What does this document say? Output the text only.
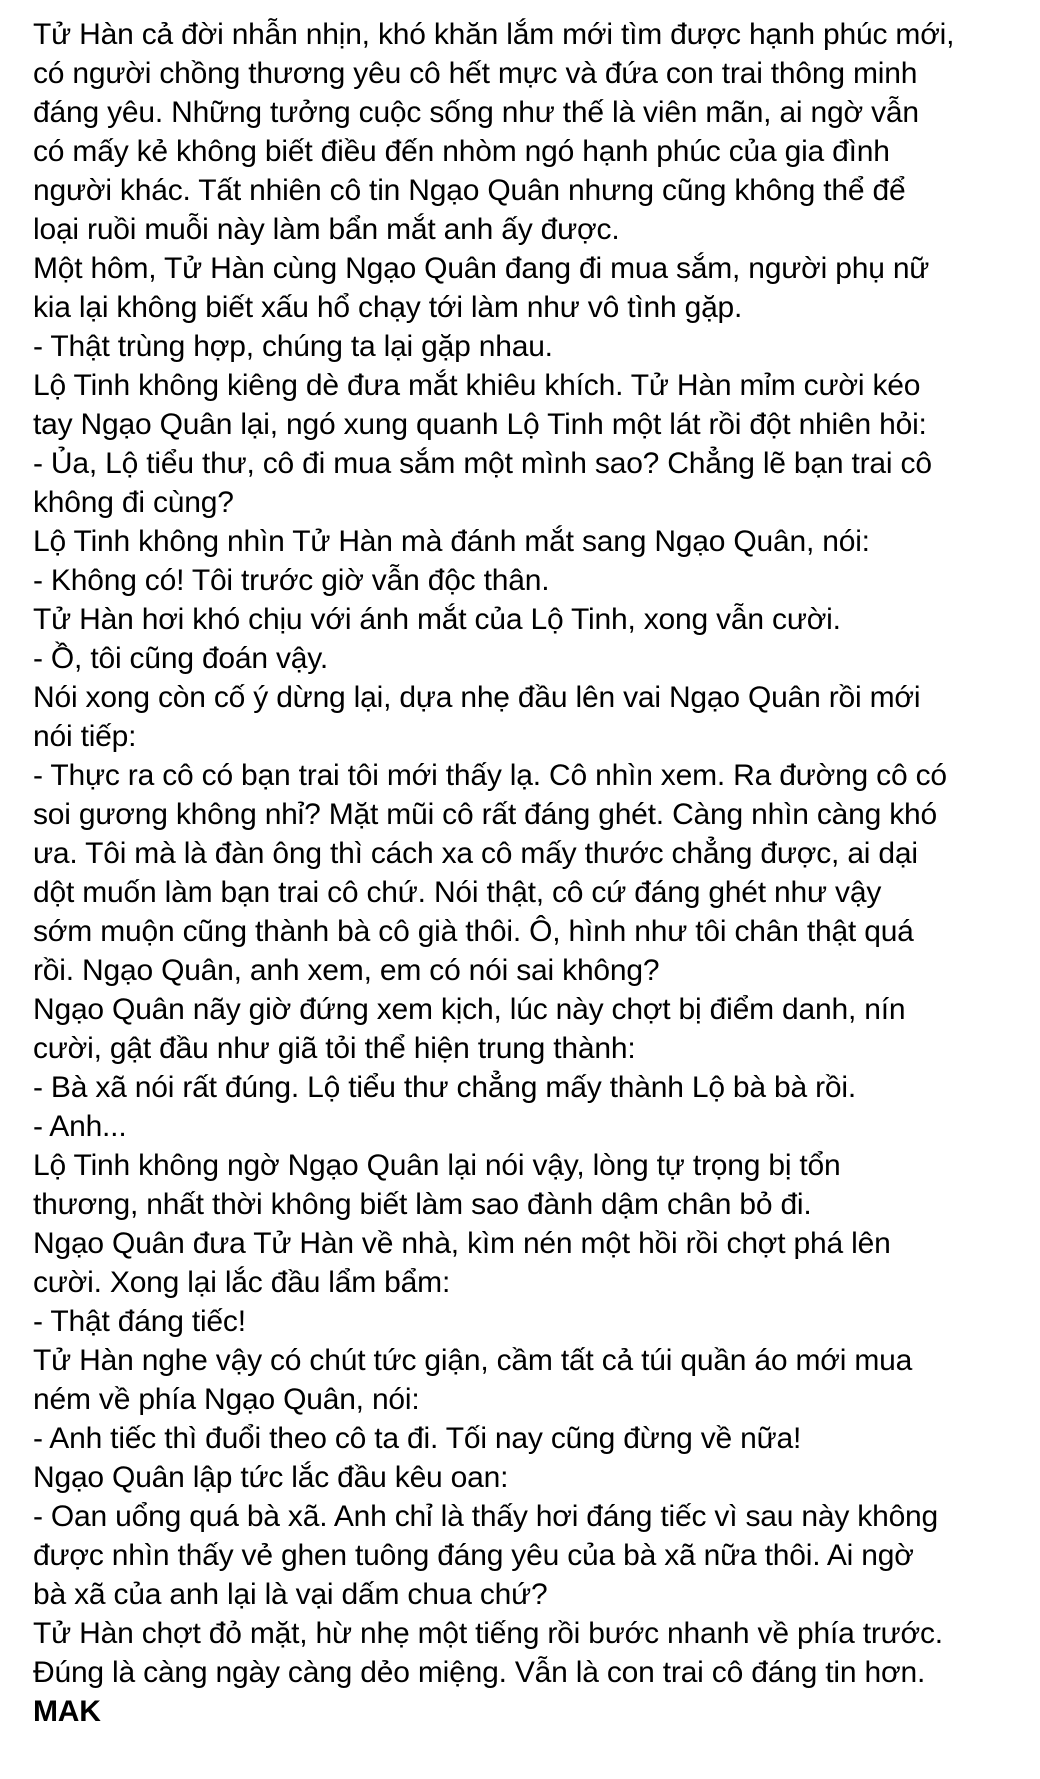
Tử Hàn cả đời nhẫn nhịn, khó khăn lắm mới tìm được hạnh phúc mới,
có người chồng thương yêu cô hết mực và đứa con trai thông minh
đáng yêu. Những tưởng cuộc sống như thế là viên mãn, ai ngờ vẫn
có mấy kẻ không biết điều đến nhòm ngó hạnh phúc của gia đình
người khác. Tất nhiên cô tin Ngạo Quân nhưng cũng không thể để
loại ruồi muỗi này làm bẩn mắt anh ấy được.
Một hôm, Tử Hàn cùng Ngạo Quân đang đi mua sắm, người phụ nữ
kia lại không biết xấu hổ chạy tới làm như vô tình gặp.
- Thật trùng hợp, chúng ta lại gặp nhau.
Lộ Tinh không kiêng dè đưa mắt khiêu khích. Tử Hàn mỉm cười kéo
tay Ngạo Quân lại, ngó xung quanh Lộ Tinh một lát rồi đột nhiên hỏi:
- Ủa, Lộ tiểu thư, cô đi mua sắm một mình sao? Chẳng lẽ bạn trai cô
không đi cùng?
Lộ Tinh không nhìn Tử Hàn mà đánh mắt sang Ngạo Quân, nói:
- Không có! Tôi trước giờ vẫn độc thân.
Tử Hàn hơi khó chịu với ánh mắt của Lộ Tinh, xong vẫn cười.
- Ồ, tôi cũng đoán vậy.
Nói xong còn cố ý dừng lại, dựa nhẹ đầu lên vai Ngạo Quân rồi mới
nói tiếp:
- Thực ra cô có bạn trai tôi mới thấy lạ. Cô nhìn xem. Ra đường cô có
soi gương không nhỉ? Mặt mũi cô rất đáng ghét. Càng nhìn càng khó
ưa. Tôi mà là đàn ông thì cách xa cô mấy thước chẳng được, ai dại
dột muốn làm bạn trai cô chứ. Nói thật, cô cứ đáng ghét như vậy
sớm muộn cũng thành bà cô già thôi. Ô, hình như tôi chân thật quá
rồi. Ngạo Quân, anh xem, em có nói sai không?
Ngạo Quân nãy giờ đứng xem kịch, lúc này chợt bị điểm danh, nín
cười, gật đầu như giã tỏi thể hiện trung thành:
- Bà xã nói rất đúng. Lộ tiểu thư chẳng mấy thành Lộ bà bà rồi.
- Anh...
Lộ Tinh không ngờ Ngạo Quân lại nói vậy, lòng tự trọng bị tổn
thương, nhất thời không biết làm sao đành dậm chân bỏ đi.
Ngạo Quân đưa Tử Hàn về nhà, kìm nén một hồi rồi chợt phá lên
cười. Xong lại lắc đầu lẩm bẩm:
- Thật đáng tiếc!
Tử Hàn nghe vậy có chút tức giận, cầm tất cả túi quần áo mới mua
ném về phía Ngạo Quân, nói:
- Anh tiếc thì đuổi theo cô ta đi. Tối nay cũng đừng về nữa!
Ngạo Quân lập tức lắc đầu kêu oan:
- Oan uổng quá bà xã. Anh chỉ là thấy hơi đáng tiếc vì sau này không
được nhìn thấy vẻ ghen tuông đáng yêu của bà xã nữa thôi. Ai ngờ
bà xã của anh lại là vại dấm chua chứ?
Tử Hàn chợt đỏ mặt, hừ nhẹ một tiếng rồi bước nhanh về phía trước.
Đúng là càng ngày càng dẻo miệng. Vẫn là con trai cô đáng tin hơn.
MAK
